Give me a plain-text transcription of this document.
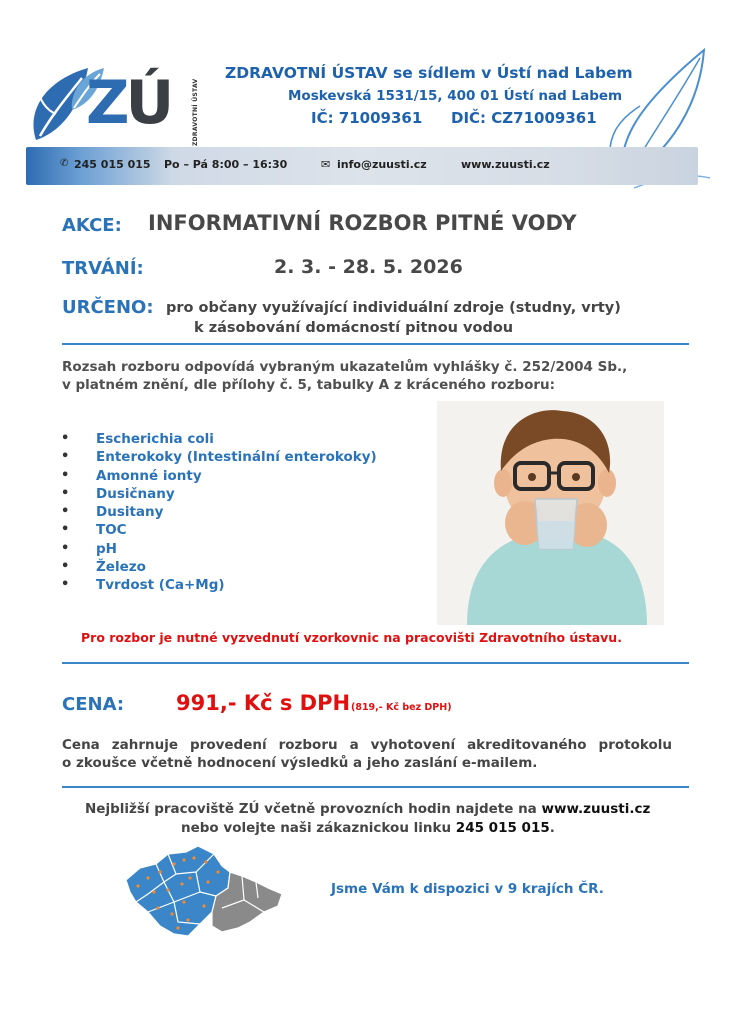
ZÚ	ZDRAVOTNÍ ÚSTAV
ZDRAVOTNÍ ÚSTAV se sídlem v Ústí nad Labem
Moskevská 1531/15, 400 01 Ústí nad Labem
IČ: 71009361 DIČ: CZ71009361
✆ 245 015 015 Po – Pá 8:00 – 16:30	✉ info@zuusti.cz	www.zuusti.cz
AKCE: INFORMATIVNÍ ROZBOR PITNÉ VODY
TRVÁNÍ:	2. 3. - 28. 5. 2026
URČENO: pro občany využívající individuální zdroje (studny, vrty)
k zásobování domácností pitnou vodou
Rozsah rozboru odpovídá vybraným ukazatelům vyhlášky č. 252/2004 Sb.,
v platném znění, dle přílohy č. 5, tabulky A z kráceného rozboru:
• Escherichia coli
• Enterokoky (Intestinální enterokoky)
• Amonné ionty
• Dusičnany
• Dusitany
• TOC
• pH
• Železo
• Tvrdost (Ca+Mg)
Pro rozbor je nutné vyzvednutí vzorkovnic na pracovišti Zdravotního ústavu.
CENA: 991,- Kč s DPH (819,- Kč bez DPH)
Cena zahrnuje provedení rozboru a vyhotovení akreditovaného protokolu
o zkoušce včetně hodnocení výsledků a jeho zaslání e-mailem.
Nejbližší pracoviště ZÚ včetně provozních hodin najdete na www.zuusti.cz
nebo volejte naši zákaznickou linku 245 015 015.
Jsme Vám k dispozici v 9 krajích ČR.
